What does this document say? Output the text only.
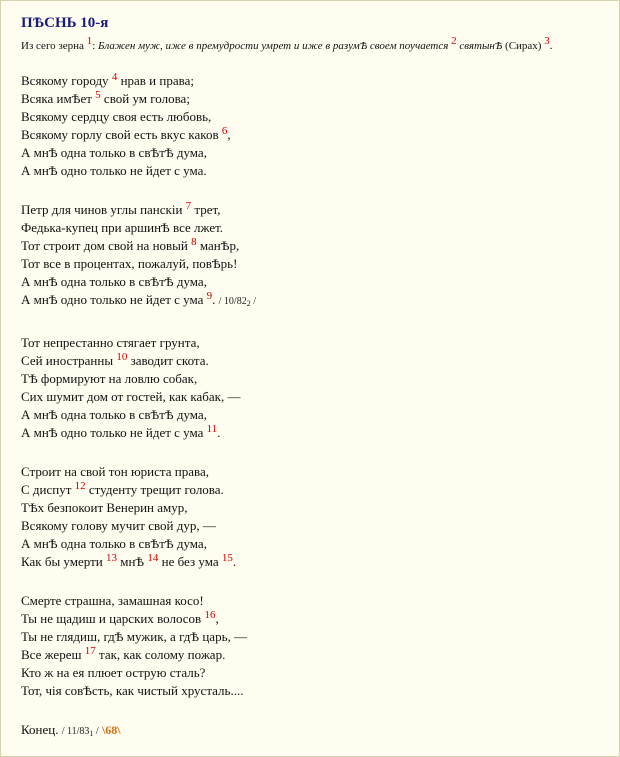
ПѢСНЬ 10-я
Из сего зерна $^1$: Блажен муж, иже в премудрости умрет и иже в разумѢ своем поучается $^2$ святынѢ (Сирах) $^3$.
Всякому городу $^4$ нрав и права;
Всяка имѢет $^5$ свой ум голова;
Всякому сердцу своя есть любовь,
Всякому горлу свой есть вкус каков $^6$,
А мнѢ одна только в свѢтѢ дума,
А мнѢ одно только не йдет с ума.
Петр для чинов углы панскіи $^7$ трет,
Федька-купец при аршинѢ все лжет.
Тот строит дом свой на новый $^8$ манѢр,
Тот все в процентах, пожалуй, повѢрь!
А мнѢ одна только в свѢтѢ дума,
А мнѢ одно только не йдет с ума $^9$. / $10/82_2$ /
Тот непрестанно стягает грунта,
Сей иностранны $^{10}$ заводит скота.
ТѢ формируют на ловлю собак,
Сих шумит дом от гостей, как кабак, —
А мнѢ одна только в свѢтѢ дума,
А мнѢ одно только не йдет с ума $^{11}$.
Строит на свой тон юриста права,
С диспут $^{12}$ студенту трещит голова.
ТѢх безпокоит Венерин амур,
Всякому голову мучит свой дур, —
А мнѢ одна только в свѢтѢ дума,
Как бы умерти $^{13}$ мнѢ $^{14}$ не без ума $^{15}$.
Смерте страшна, замашная косо!
Ты не щадиш и царских волосов $^{16}$,
Ты не глядиш, гдѢ мужик, а гдѢ царь, —
Все жереш $^{17}$ так, как солому пожар.
Кто ж на ея плюет острую сталь?
Тот, чія совѢсть, как чистый хрусталь....
Конец. / $11/83_1$ / \68\
